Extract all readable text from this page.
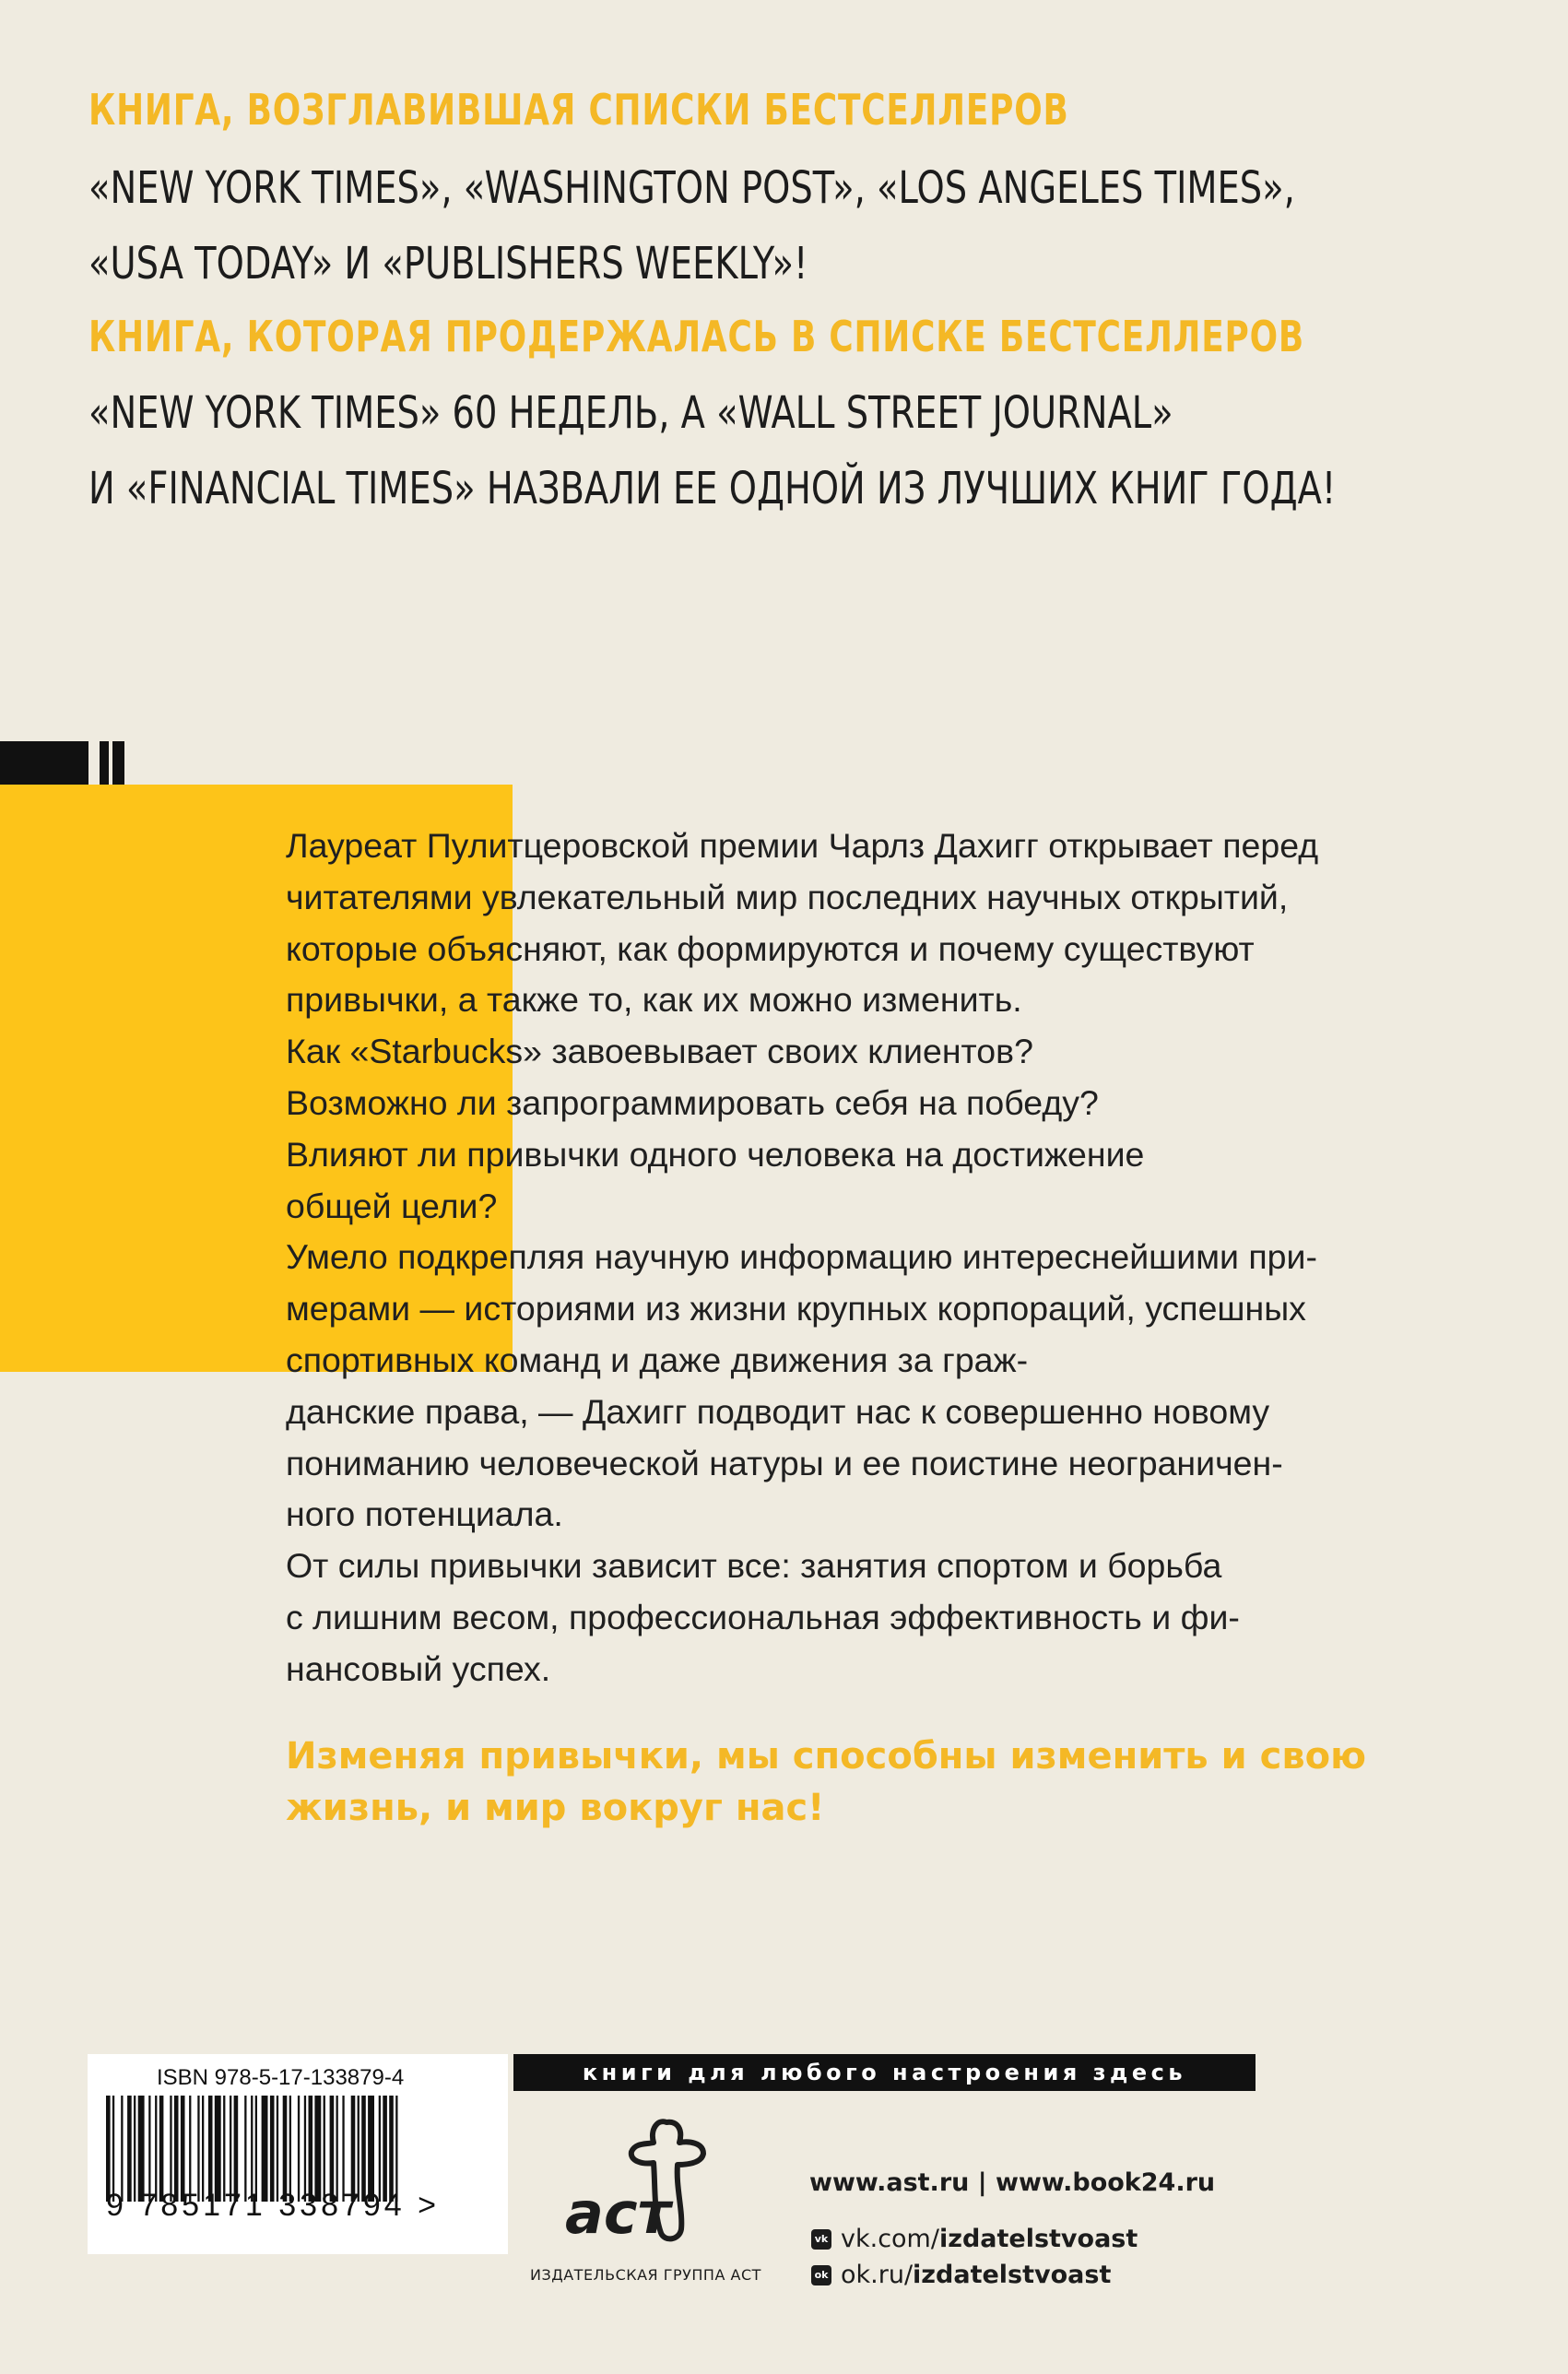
КНИГА, ВОЗГЛАВИВШАЯ СПИСКИ БЕСТСЕЛЛЕРОВ
«NEW YORK TIMES», «WASHINGTON POST», «LOS ANGELES TIMES»,
«USA TODAY» И «PUBLISHERS WEEKLY»!
КНИГА, КОТОРАЯ ПРОДЕРЖАЛАСЬ В СПИСКЕ БЕСТСЕЛЛЕРОВ
«NEW YORK TIMES» 60 НЕДЕЛЬ, А «WALL STREET JOURNAL»
И «FINANCIAL TIMES» НАЗВАЛИ ЕЕ ОДНОЙ ИЗ ЛУЧШИХ КНИГ ГОДА!
Лауреат Пулитцеровской премии Чарлз Дахигг открывает перед
читателями увлекательный мир последних научных открытий,
которые объясняют, как формируются и почему существуют
привычки, а также то, как их можно изменить.
Как «Starbucks» завоевывает своих клиентов?
Возможно ли запрограммировать себя на победу?
Влияют ли привычки одного человека на достижение
общей цели?
Умело подкрепляя научную информацию интереснейшими при-
мерами — историями из жизни крупных корпораций, успешных
спортивных команд и даже движения за граж-
данские права, — Дахигг подводит нас к совершенно новому
пониманию человеческой натуры и ее поистине неограничен-
ного потенциала.
От силы привычки зависит все: занятия спортом и борьба
с лишним весом, профессиональная эффективность и фи-
нансовый успех.
Изменяя привычки, мы способны изменить и свою
жизнь, и мир вокруг нас!
ISBN 978-5-17-133879-4
9 785171 338794 >
книги для любого настроения здесь
аст
ИЗДАТЕЛЬСКАЯ ГРУППА АСТ
www.ast.ru | www.book24.ru
vk vk.com/izdatelstvoast
ok ok.ru/izdatelstvoast
